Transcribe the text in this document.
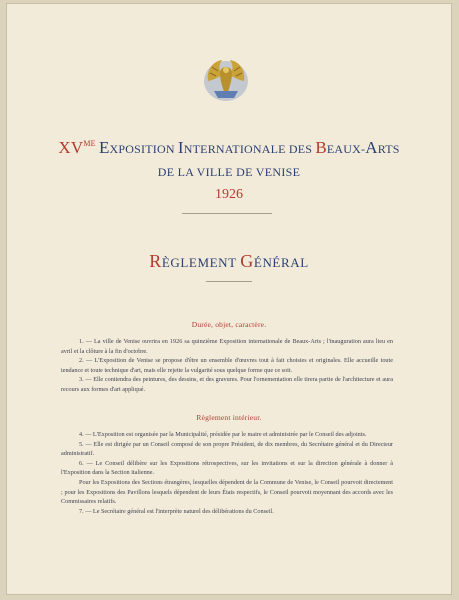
$XV^{ME}$ EXPOSITION INTERNATIONALE DES BEAUX-ARTS
DE LA VILLE DE VENISE
1926
RÈGLEMENT GÉNÉRAL
Durée, objet, caractère.

1. — La ville de Venise ouvrira en 1926 sa quinzième Exposition internationale de Beaux-Arts ; l'inauguration aura lieu en avril et la clôture à la fin d'octobre.

2. — L'Exposition de Venise se propose d'être un ensemble d'œuvres tout à fait choisies et originales. Elle accueille toute tendance et toute technique d'art, mais elle rejette la vulgarité sous quelque forme que ce soit.

3. — Elle contiendra des peintures, des dessins, et des gravures. Pour l'ornementation elle tirera partie de l'architecture et aura recours aux formes d'art appliqué.

Règlement intérieur.

4. — L'Exposition est organisée par la Municipalité, présidée par le maire et administrée par le Conseil des adjoints.

5. — Elle est dirigée par un Conseil composé de son propre Président, de dix membres, du Secrétaire général et du Directeur administratif.

6. — Le Conseil délibère sur les Expositions rétrospectives, sur les invitations et sur la direction générale à donner à l'Exposition dans la Section italienne.

Pour les Expositions des Sections étrangères, lesquelles dépendent de la Commune de Venise, le Conseil pourvoit directement ; pour les Expositions des Pavillons lesquels dépendent de leurs États respectifs, le Conseil pourvoit moyennant des accords avec les Commissaires relatifs.

7. — Le Secrétaire général est l'interprète naturel des délibérations du Conseil.
